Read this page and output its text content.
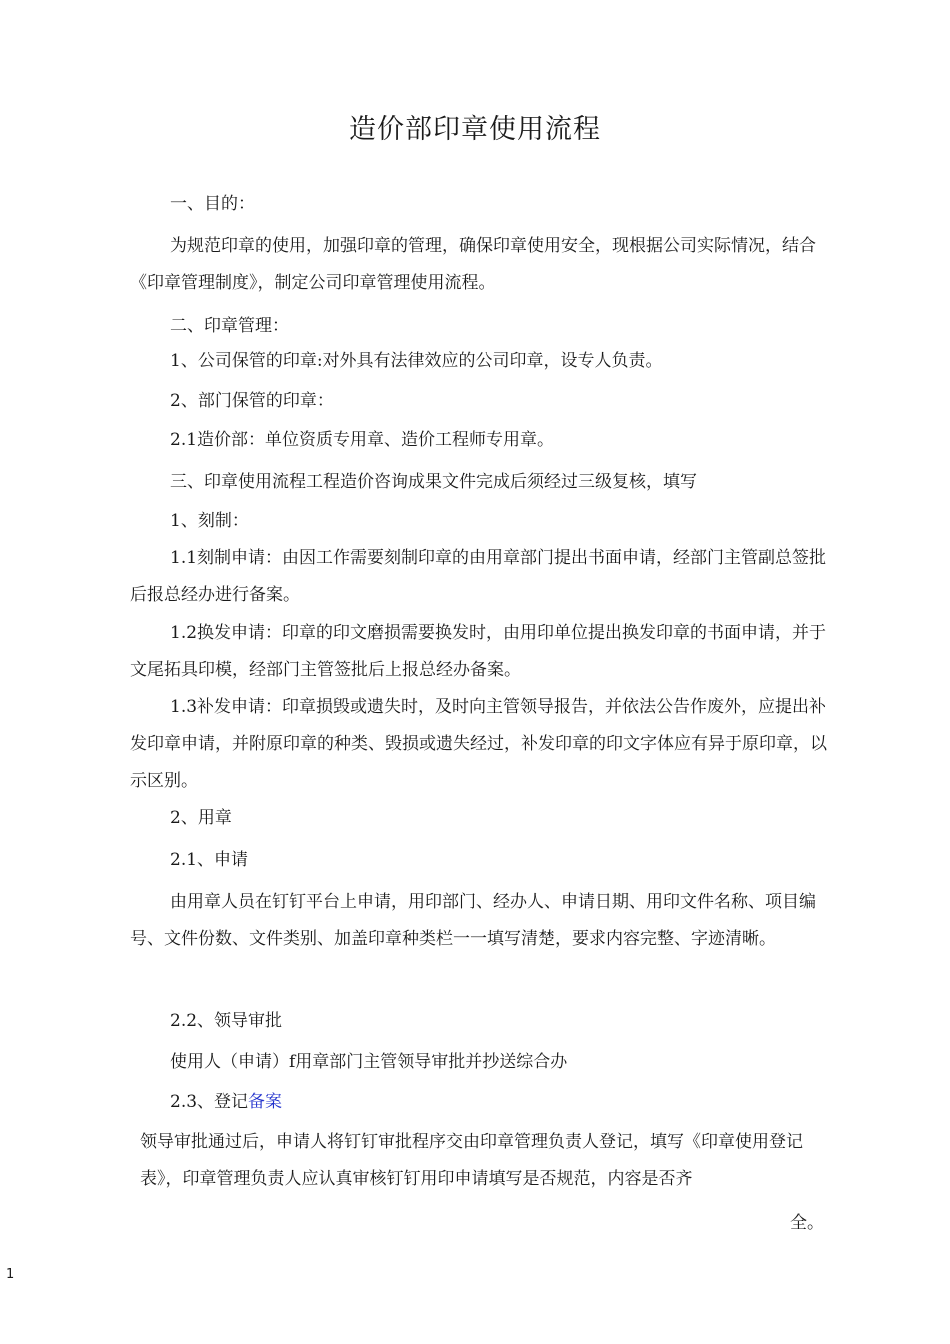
造价部印章使用流程

一、目的：

为规范印章的使用，加强印章的管理，确保印章使用安全，现根据公司实际情况，结合《印章管理制度》，制定公司印章管理使用流程。

二、印章管理：

1、公司保管的印章:对外具有法律效应的公司印章，设专人负责。

2、部门保管的印章：

2.1造价部：单位资质专用章、造价工程师专用章。

三、印章使用流程工程造价咨询成果文件完成后须经过三级复核，填写

1、刻制：

1.1刻制申请：由因工作需要刻制印章的由用章部门提出书面申请，经部门主管副总签批后报总经办进行备案。

1.2换发申请：印章的印文磨损需要换发时，由用印单位提出换发印章的书面申请，并于文尾拓具印模，经部门主管签批后上报总经办备案。

1.3补发申请：印章损毁或遗失时，及时向主管领导报告，并依法公告作废外，应提出补发印章申请，并附原印章的种类、毁损或遗失经过，补发印章的印文字体应有异于原印章，以示区别。

2、用章

2.1、申请

由用章人员在钉钉平台上申请，用印部门、经办人、申请日期、用印文件名称、项目编号、文件份数、文件类别、加盖印章种类栏一一填写清楚，要求内容完整、字迹清晰。

2.2、领导审批

使用人（申请）f用章部门主管领导审批并抄送综合办

2.3、登记备案

领导审批通过后，申请人将钉钉审批程序交由印章管理负责人登记，填写《印章使用登记表》，印章管理负责人应认真审核钉钉用印申请填写是否规范，内容是否齐

全。
1
